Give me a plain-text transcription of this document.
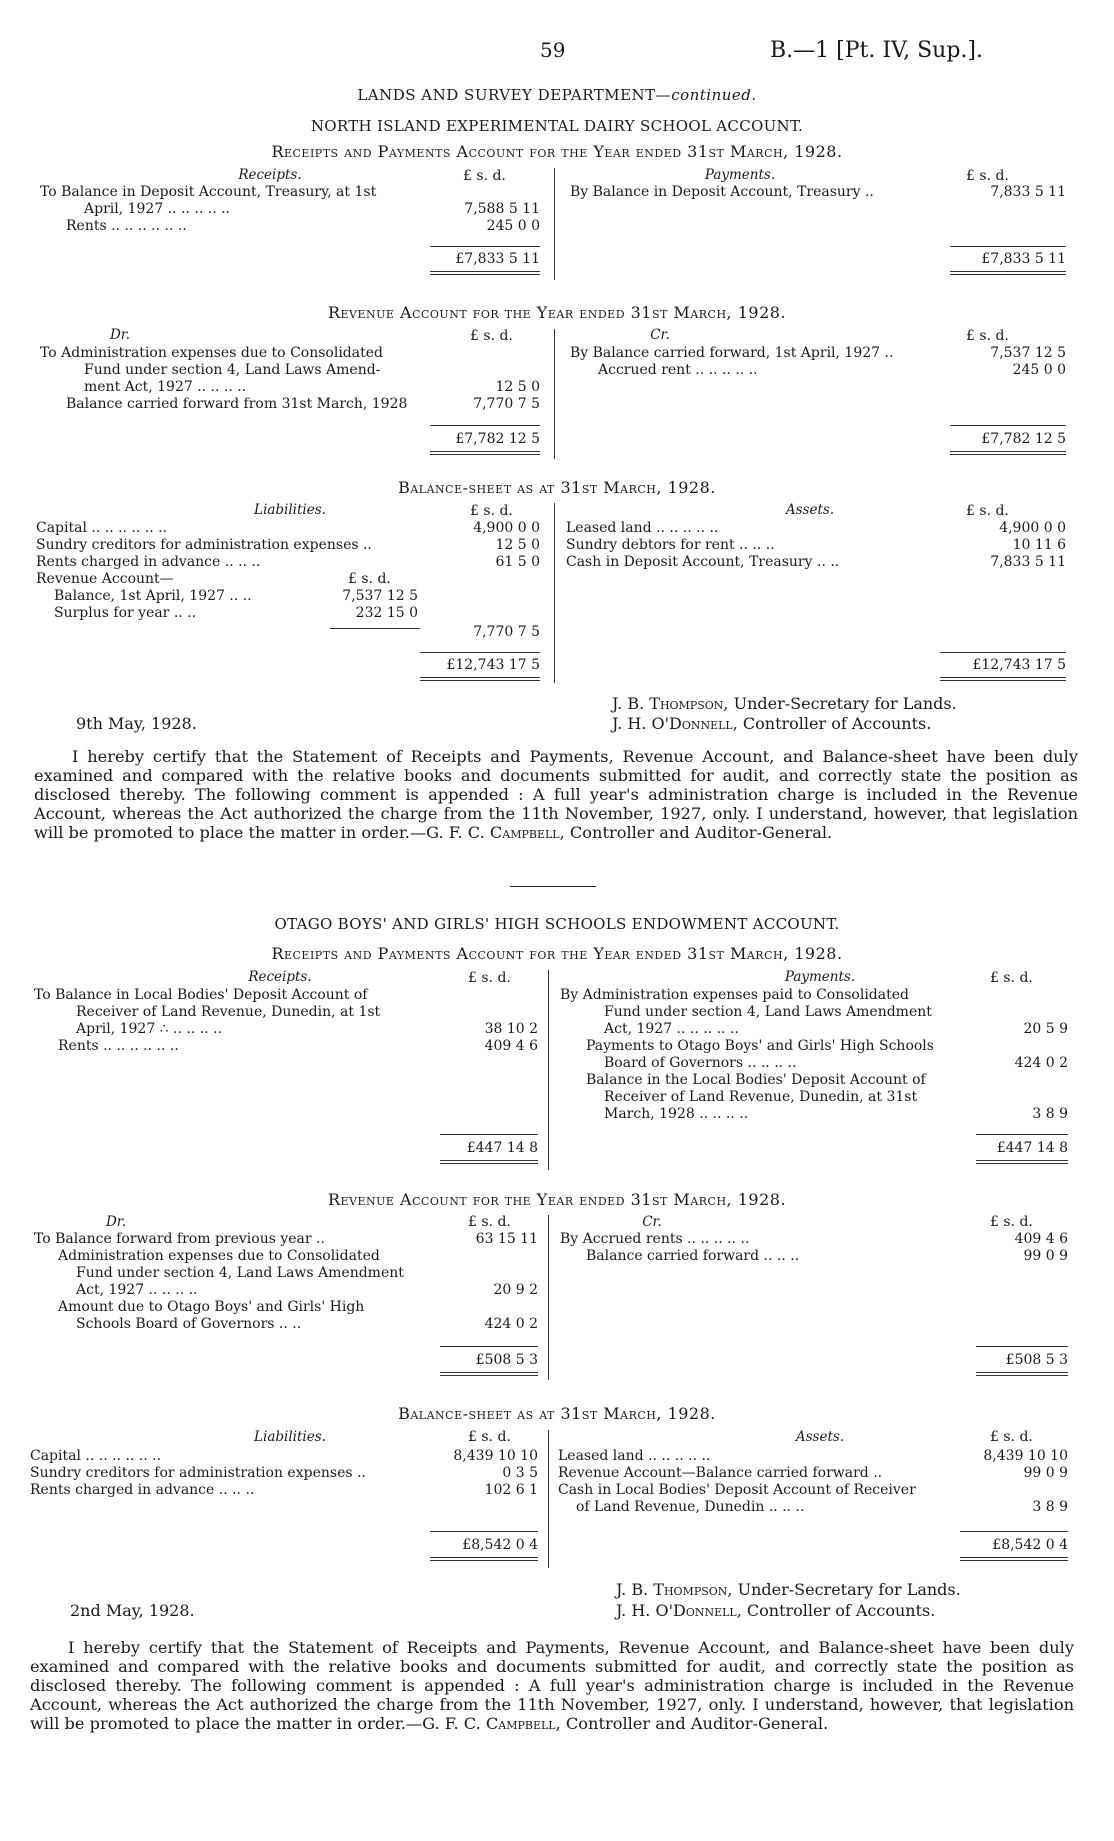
59	B.—1 [Pt. IV, Sup.].
LANDS AND SURVEY DEPARTMENT—continued.
NORTH ISLAND EXPERIMENTAL DAIRY SCHOOL ACCOUNT.
Receipts and Payments Account for the Year ended 31st March, 1928.
Receipts.	£ s. d.
To Balance in Deposit Account, Treasury, at 1st
April, 1927 .. .. .. .. ..	7,588 5 11
Rents .. .. .. .. .. ..	245 0 0
£7,833 5 11
Payments.	£ s. d.
By Balance in Deposit Account, Treasury ..	7,833 5 11
£7,833 5 11
Revenue Account for the Year ended 31st March, 1928.
Dr.	£ s. d.
To Administration expenses due to Consolidated
Fund under section 4, Land Laws Amend-
ment Act, 1927 .. .. .. ..	12 5 0
Balance carried forward from 31st March, 1928	7,770 7 5
£7,782 12 5
Cr.	£ s. d.
By Balance carried forward, 1st April, 1927 ..	7,537 12 5
Accrued rent .. .. .. .. ..	245 0 0
£7,782 12 5
Balance-sheet as at 31st March, 1928.
Liabilities.	£ s. d.
Capital .. .. .. .. .. ..	4,900 0 0
Sundry creditors for administration expenses ..	12 5 0
Rents charged in advance .. .. ..	61 5 0
Revenue Account—	£ s. d.
Balance, 1st April, 1927 .. ..	7,537 12 5
Surplus for year .. ..	232 15 0
7,770 7 5
£12,743 17 5
Assets.	£ s. d.
Leased land .. .. .. .. ..	4,900 0 0
Sundry debtors for rent .. .. ..	10 11 6
Cash in Deposit Account, Treasury .. ..	7,833 5 11
£12,743 17 5
J. B. Thompson, Under-Secretary for Lands.
9th May, 1928.	J. H. O'Donnell, Controller of Accounts.
I hereby certify that the Statement of Receipts and Payments, Revenue Account, and Balance-sheet have been duly examined and compared with the relative books and documents submitted for audit, and correctly state the position as disclosed thereby. The following comment is appended : A full year's administration charge is included in the Revenue Account, whereas the Act authorized the charge from the 11th November, 1927, only. I understand, however, that legislation will be promoted to place the matter in order.—G. F. C. Campbell, Controller and Auditor-General.
OTAGO BOYS' AND GIRLS' HIGH SCHOOLS ENDOWMENT ACCOUNT.
Receipts and Payments Account for the Year ended 31st March, 1928.
Receipts.	£ s. d.
To Balance in Local Bodies' Deposit Account of
Receiver of Land Revenue, Dunedin, at 1st
April, 1927 ∴ .. .. .. ..	38 10 2
Rents .. .. .. .. .. ..	409 4 6
£447 14 8
Payments.	£ s. d.
By Administration expenses paid to Consolidated
Fund under section 4, Land Laws Amendment
Act, 1927 .. .. .. .. ..	20 5 9
Payments to Otago Boys' and Girls' High Schools
Board of Governors .. .. .. ..	424 0 2
Balance in the Local Bodies' Deposit Account of
Receiver of Land Revenue, Dunedin, at 31st
March, 1928 .. .. .. ..	3 8 9
£447 14 8
Revenue Account for the Year ended 31st March, 1928.
Dr.	£ s. d.
To Balance forward from previous year ..	63 15 11
Administration expenses due to Consolidated
Fund under section 4, Land Laws Amendment
Act, 1927 .. .. .. ..	20 9 2
Amount due to Otago Boys' and Girls' High
Schools Board of Governors .. ..	424 0 2
£508 5 3
Cr.	£ s. d.
By Accrued rents .. .. .. .. ..	409 4 6
Balance carried forward .. .. ..	99 0 9
£508 5 3
Balance-sheet as at 31st March, 1928.
Liabilities.	£ s. d.
Capital .. .. .. .. .. ..	8,439 10 10
Sundry creditors for administration expenses ..	0 3 5
Rents charged in advance .. .. ..	102 6 1
£8,542 0 4
Assets.	£ s. d.
Leased land .. .. .. .. ..	8,439 10 10
Revenue Account—Balance carried forward ..	99 0 9
Cash in Local Bodies' Deposit Account of Receiver
of Land Revenue, Dunedin .. .. ..	3 8 9
£8,542 0 4
J. B. Thompson, Under-Secretary for Lands.
2nd May, 1928.	J. H. O'Donnell, Controller of Accounts.
I hereby certify that the Statement of Receipts and Payments, Revenue Account, and Balance-sheet have been duly examined and compared with the relative books and documents submitted for audit, and correctly state the position as disclosed thereby. The following comment is appended : A full year's administration charge is included in the Revenue Account, whereas the Act authorized the charge from the 11th November, 1927, only. I understand, however, that legislation will be promoted to place the matter in order.—G. F. C. Campbell, Controller and Auditor-General.
